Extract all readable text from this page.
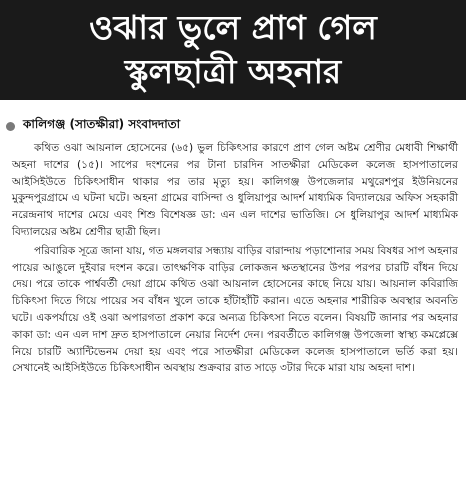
ওঝার ভুলে প্রাণ গেল
স্কুলছাত্রী অহনার
কালিগঞ্জ (সাতক্ষীরা) সংবাদদাতা

কথিত ওঝা আয়নাল হোসেনের (৬৫) ভুল চিকিৎসার কারণে প্রাণ গেল অষ্টম শ্রেণীর মেধাবী শিক্ষার্থী অহনা দাশের (১৫)। সাপের দংশনের পর টানা চারদিন সাতক্ষীরা মেডিকেল কলেজ হাসপাতালের আইসিইউতে চিকিৎসাধীন থাকার পর তার মৃত্যু হয়। কালিগঞ্জ উপজেলার মথুরেশপুর ইউনিয়নের মুকুন্দপুরগ্রামে এ ঘটনা ঘটে। অহনা গ্রামের বাসিন্দা ও ধুলিয়াপুর আদর্শ মাধ্যমিক বিদ্যালয়ের অফিস সহকারী নরেন্দ্রনাথ দাশের মেয়ে এবং শিশু বিশেষজ্ঞ ডা: এন এল দাশের ভাতিজি। সে ধুলিয়াপুর আদর্শ মাধ্যমিক বিদ্যালয়ের অষ্টম শ্রেণীর ছাত্রী ছিল।

পরিবারিক সূত্রে জানা যায়, গত মঙ্গলবার সন্ধ্যায় বাড়ির বারান্দায় পড়াশোনার সময় বিষধর সাপ অহনার পায়ের আঙুলে দুইবার দংশন করে। তাৎক্ষণিক বাড়ির লোকজন ক্ষতস্থানের উপর পরপর চারটি বাঁধন দিয়ে দেয়। পরে তাকে পার্শ্ববর্তী দেয়া গ্রামে কথিত ওঝা আয়নাল হোসেনের কাছে নিয়ে যায়। আয়নাল কবিরাজি চিকিৎসা দিতে গিয়ে পায়ের সব বাঁধন খুলে তাকে হাঁটাহাঁটি করান। এতে অহনার শারীরিক অবস্থার অবনতি ঘটে। একপর্যায়ে ওই ওঝা অপারগতা প্রকাশ করে অন্যত্র চিকিৎসা নিতে বলেন। বিষয়টি জানার পর অহনার কাকা ডা: এন এল দাশ দ্রুত হাসপাতালে নেয়ার নির্দেশ দেন। পরবর্তীতে কালিগঞ্জ উপজেলা স্বাস্থ্য কমপ্লেক্সে নিয়ে চারটি অ্যান্টিভেনম দেয়া হয় এবং পরে সাতক্ষীরা মেডিকেল কলেজ হাসপাতালে ভর্তি করা হয়। সেখানেই আইসিইউতে চিকিৎসাধীন অবস্থায় শুক্রবার রাত সাড়ে ৩টার দিকে মারা যায় অহনা দাশ।
